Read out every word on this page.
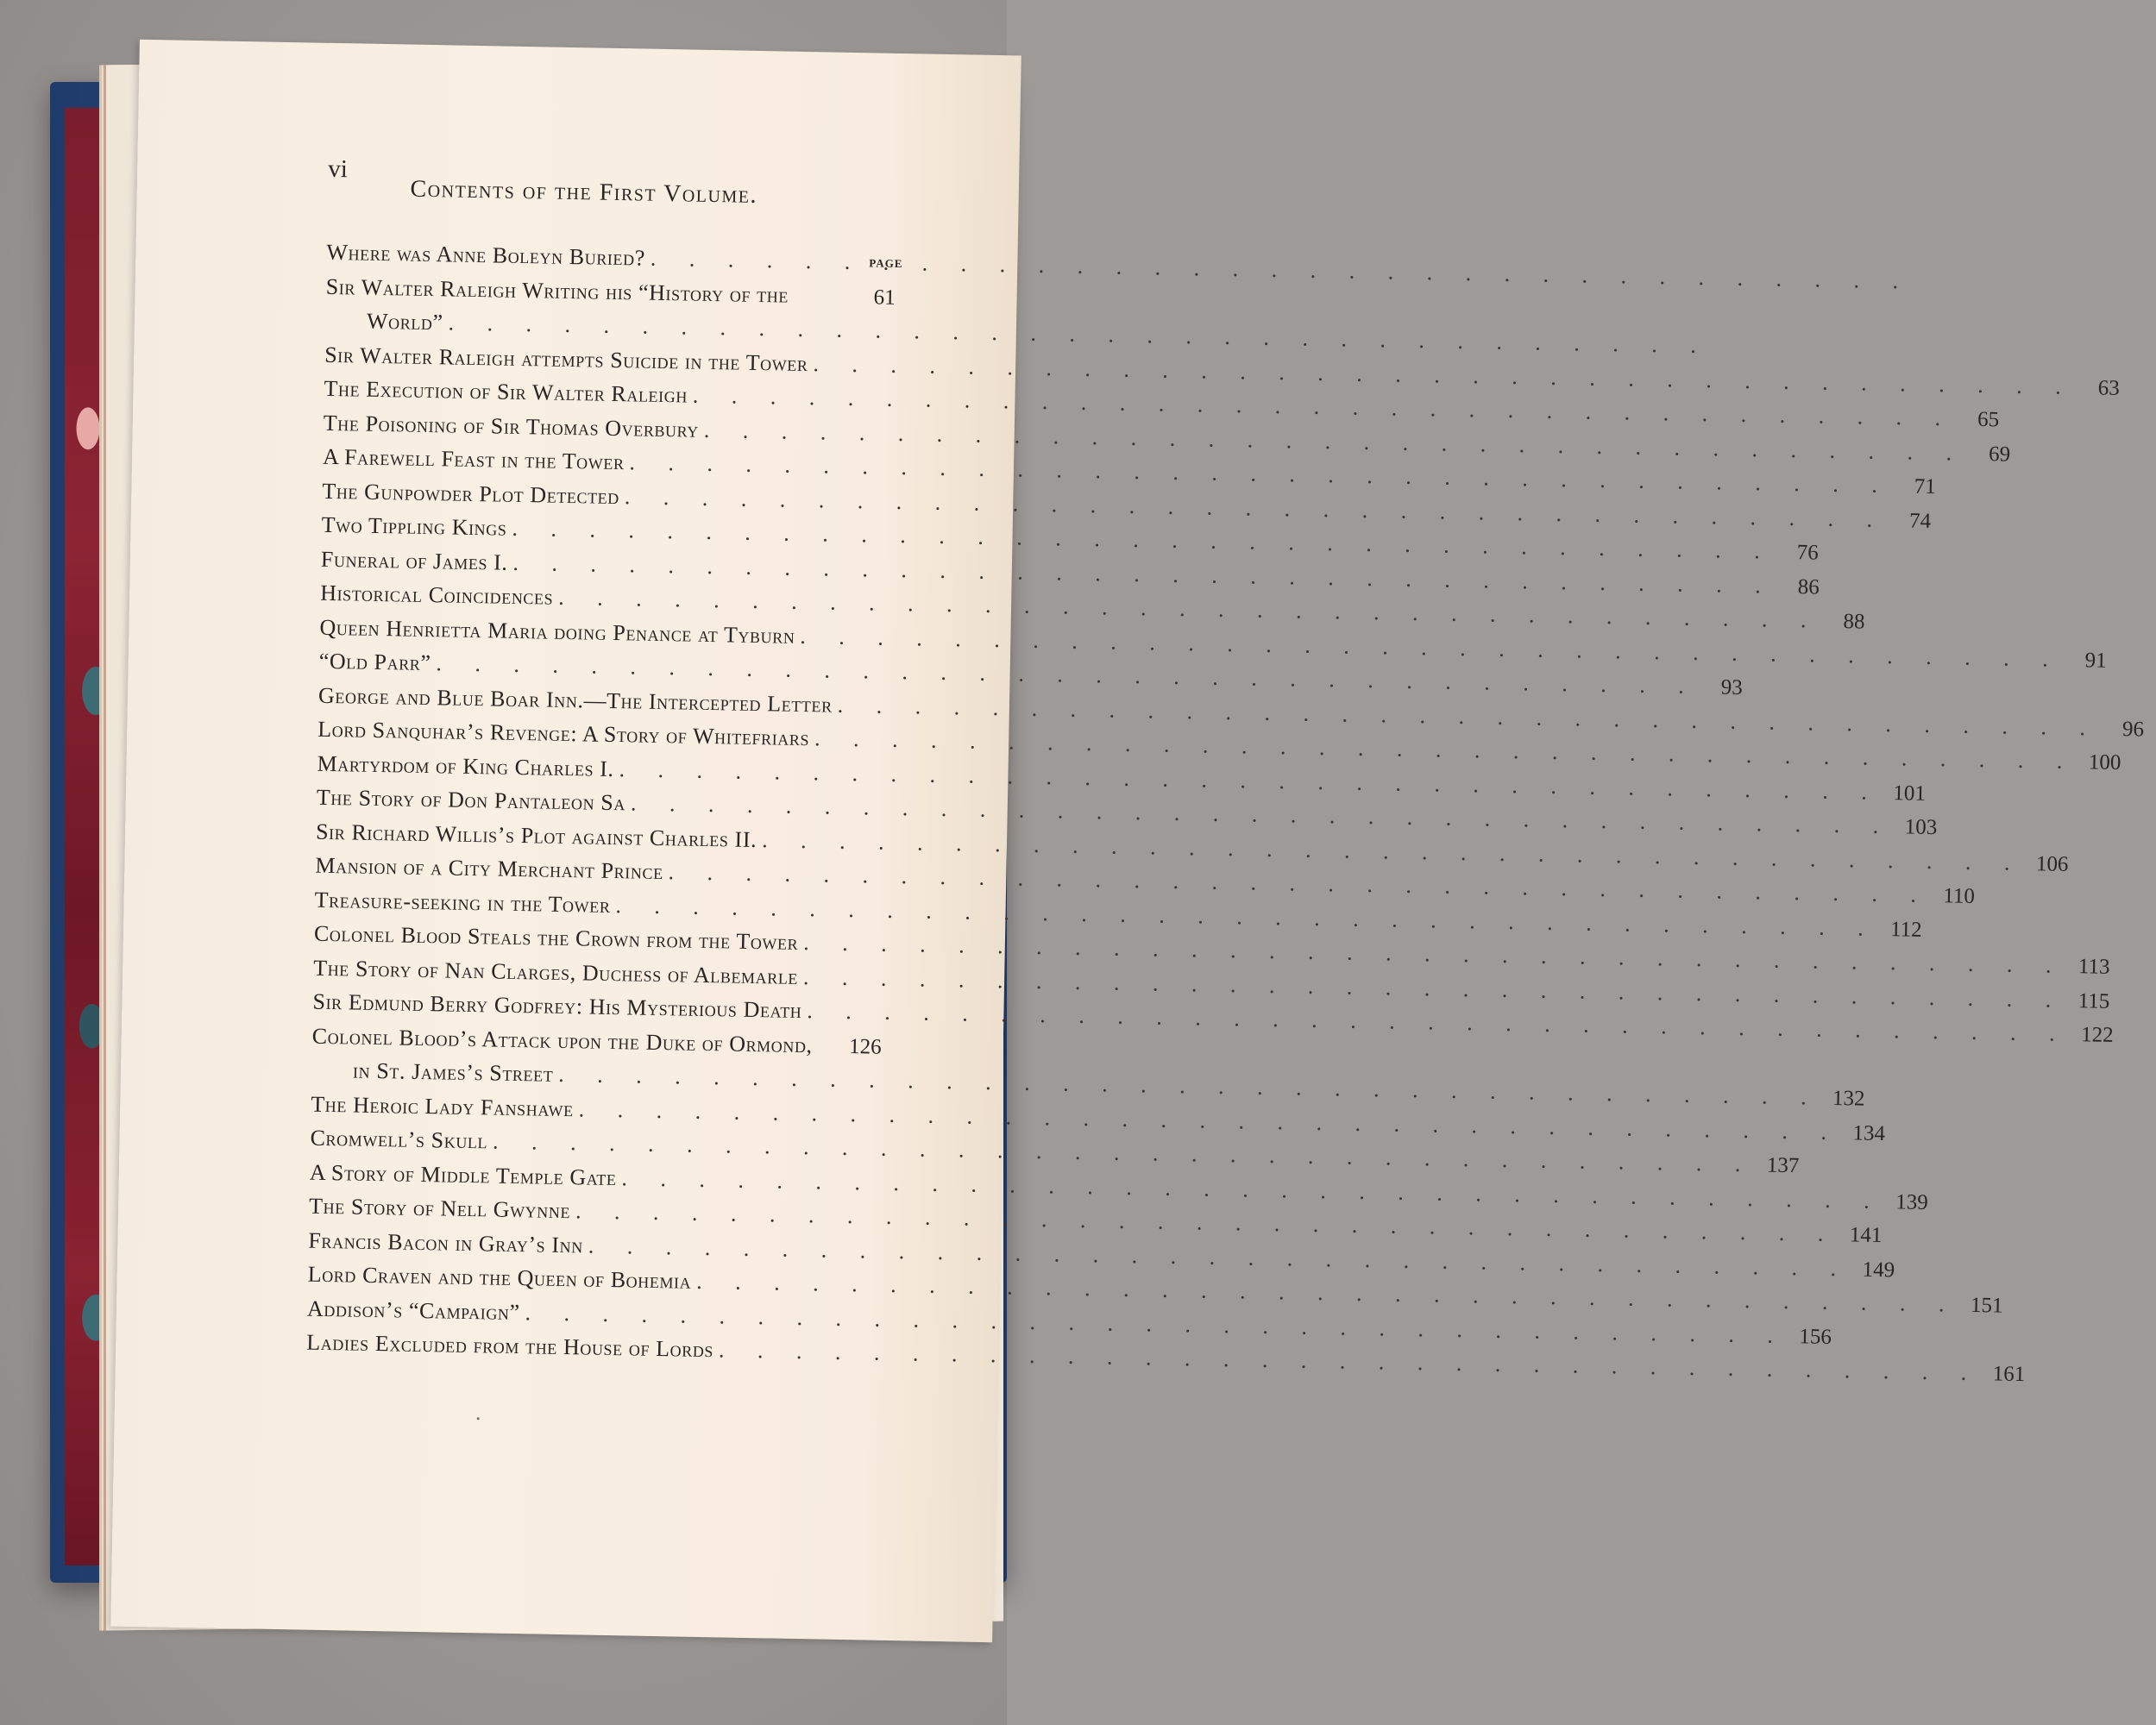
vi
Contents of the First Volume.
PAGE
Where was Anne Boleyn Buried?
. . .
Sir Walter Raleigh Writing his “History of the	61
World”
. . .
Sir Walter Raleigh attempts Suicide in the Tower
. . .
63
The Execution of Sir Walter Raleigh
. . .
65
The Poisoning of Sir Thomas Overbury
. . .
69
A Farewell Feast in the Tower
. . .
71
The Gunpowder Plot Detected
. . .
74
Two Tippling Kings
. . .
76
Funeral of James I.
. . .
86
Historical Coincidences
. . .
88
Queen Henrietta Maria doing Penance at Tyburn
. . .
91
“Old Parr”
. . .
93
George and Blue Boar Inn.—The Intercepted Letter
. . .
96
Lord Sanquhar’s Revenge: A Story of Whitefriars
. . .
100
Martyrdom of King Charles I.
. . .
101
The Story of Don Pantaleon Sa
. . .
103
Sir Richard Willis’s Plot against Charles II.
. . .
106
Mansion of a City Merchant Prince
. . .
110
Treasure-seeking in the Tower
. . .
112
Colonel Blood Steals the Crown from the Tower
. . .
113
The Story of Nan Clarges, Duchess of Albemarle
. . .
115
Sir Edmund Berry Godfrey: His Mysterious Death
. . .
122
Colonel Blood’s Attack upon the Duke of Ormond,	126
in St. James’s Street
. . .
132
The Heroic Lady Fanshawe
. . .
134
Cromwell’s Skull
. . .
137
A Story of Middle Temple Gate
. . .
139
The Story of Nell Gwynne
. . .
141
Francis Bacon in Gray’s Inn
. . .
149
Lord Craven and the Queen of Bohemia
. . .
151
Addison’s “Campaign”
. . .
156
Ladies Excluded from the House of Lords
. . .
161
